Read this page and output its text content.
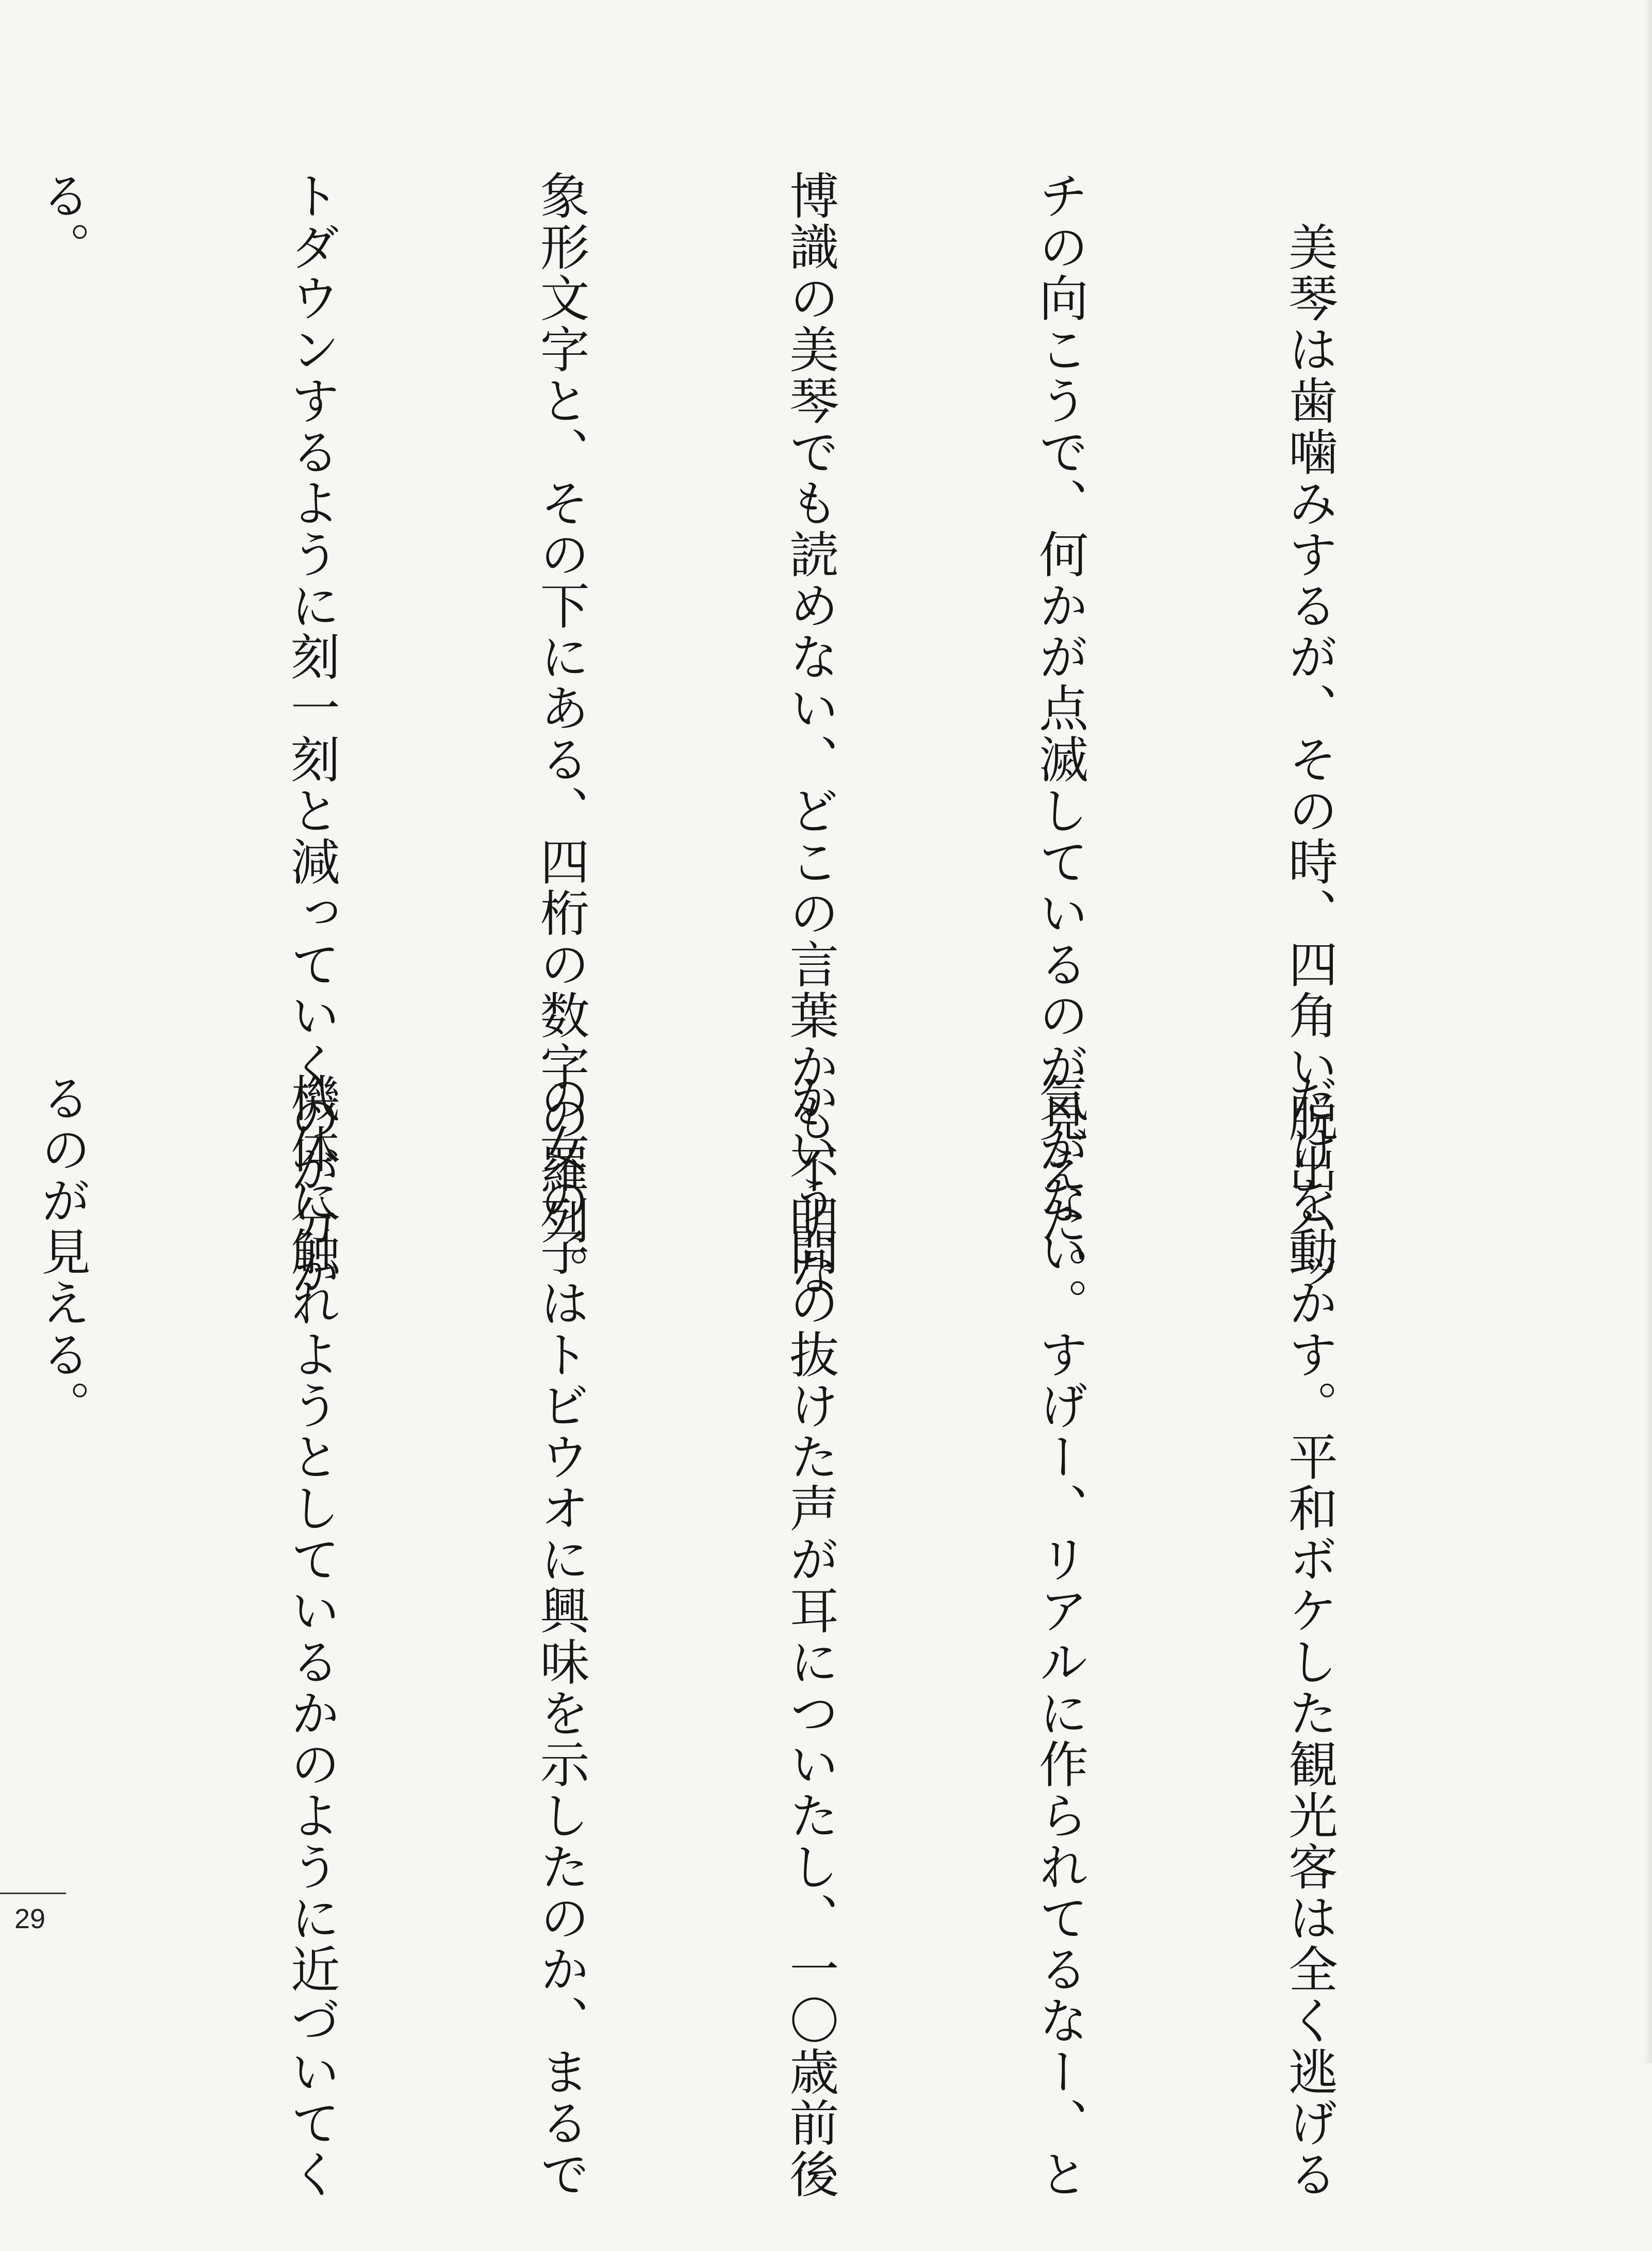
　美琴は歯噛みするが、その時、四角い脱出ハッ

チの向こうで、何かが点滅しているのが見えた。

博識の美琴でも読めない、どこの言葉かも不明な

象形文字と、その下にある、四桁の数字の羅列。

トダウンするように刻一刻と減っていくのが分か

る。

だけを動かす。平和ボケした観光客は全く逃げる

気がない。すげー、リアルに作られてるなー、と

かいう間の抜けた声が耳についたし、一〇歳前後

の女の子はトビウオに興味を示したのか、まるで

機体に触れようとしているかのように近づいてく

るのが見える。

29
